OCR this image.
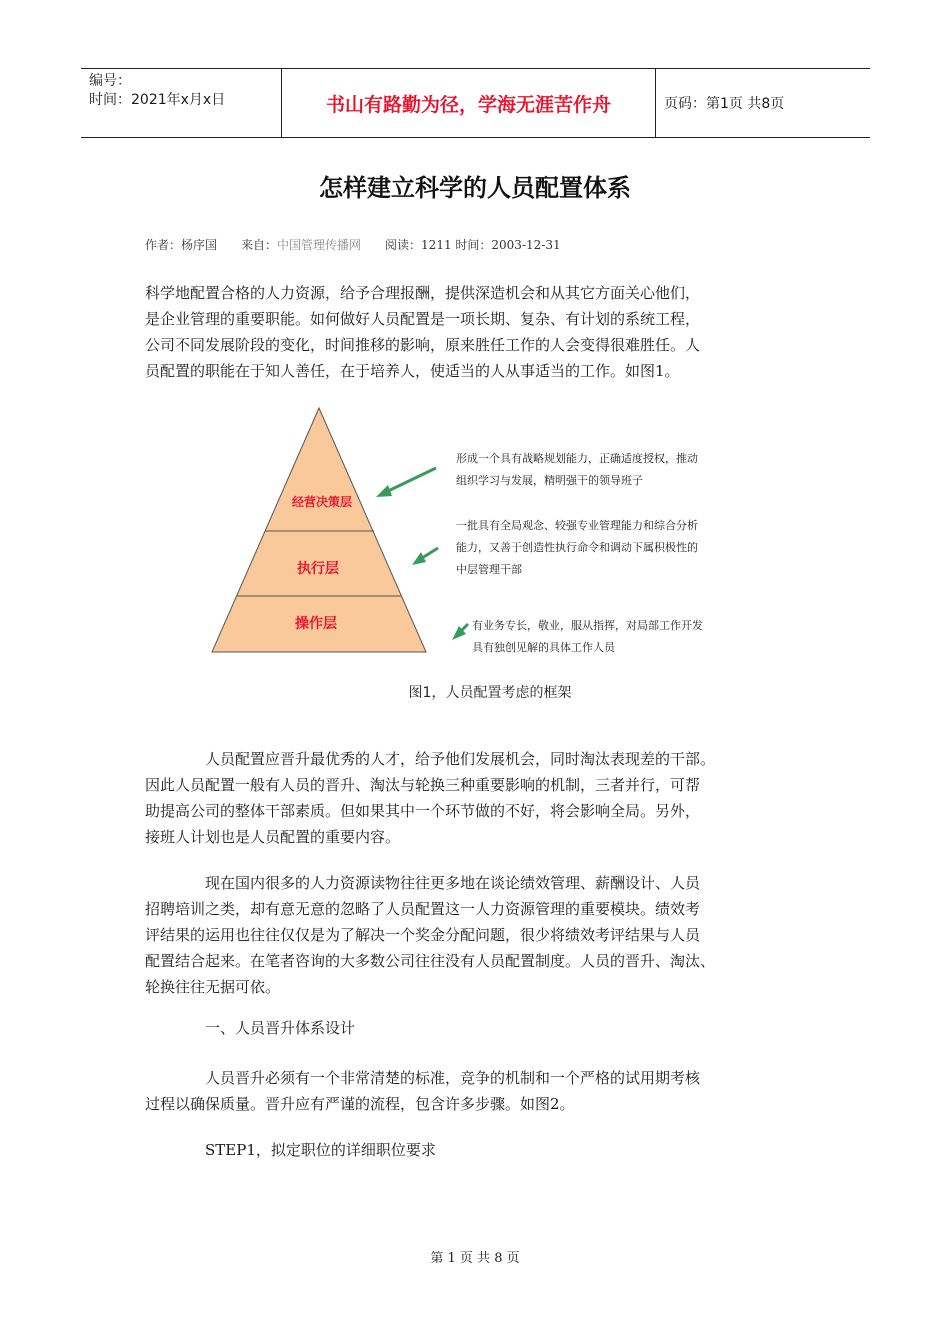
编号：
时间：2021年x月x日	书山有路勤为径，学海无涯苦作舟	页码：第1页 共8页
怎样建立科学的人员配置体系
作者：杨序国 来自：中国管理传播网 阅读：1211 时间：2003-12-31
科学地配置合格的人力资源，给予合理报酬，提供深造机会和从其它方面关心他们，
是企业管理的重要职能。如何做好人员配置是一项长期、复杂、有计划的系统工程，
公司不同发展阶段的变化，时间推移的影响，原来胜任工作的人会变得很难胜任。人
员配置的职能在于知人善任，在于培养人，使适当的人从事适当的工作。如图1。
经营决策层
执行层
操作层
形成一个具有战略规划能力，正确适度授权，推动
组织学习与发展，精明强干的领导班子
一批具有全局观念、较强专业管理能力和综合分析
能力，又善于创造性执行命令和调动下属积极性的
中层管理干部
有业务专长，敬业，服从指挥，对局部工作开发
具有独创见解的具体工作人员
图1，人员配置考虑的框架
　　　　人员配置应晋升最优秀的人才，给予他们发展机会，同时淘汰表现差的干部。
因此人员配置一般有人员的晋升、淘汰与轮换三种重要影响的机制，三者并行，可帮
助提高公司的整体干部素质。但如果其中一个环节做的不好，将会影响全局。另外，
接班人计划也是人员配置的重要内容。
　　　　现在国内很多的人力资源读物往往更多地在谈论绩效管理、薪酬设计、人员
招聘培训之类，却有意无意的忽略了人员配置这一人力资源管理的重要模块。绩效考
评结果的运用也往往仅仅是为了解决一个奖金分配问题，很少将绩效考评结果与人员
配置结合起来。在笔者咨询的大多数公司往往没有人员配置制度。人员的晋升、淘汰、
轮换往往无据可依。
　　　　一、人员晋升体系设计
　　　　人员晋升必须有一个非常清楚的标准，竞争的机制和一个严格的试用期考核
过程以确保质量。晋升应有严谨的流程，包含许多步骤。如图2。
　　　　STEP1，拟定职位的详细职位要求
第 1 页 共 8 页
